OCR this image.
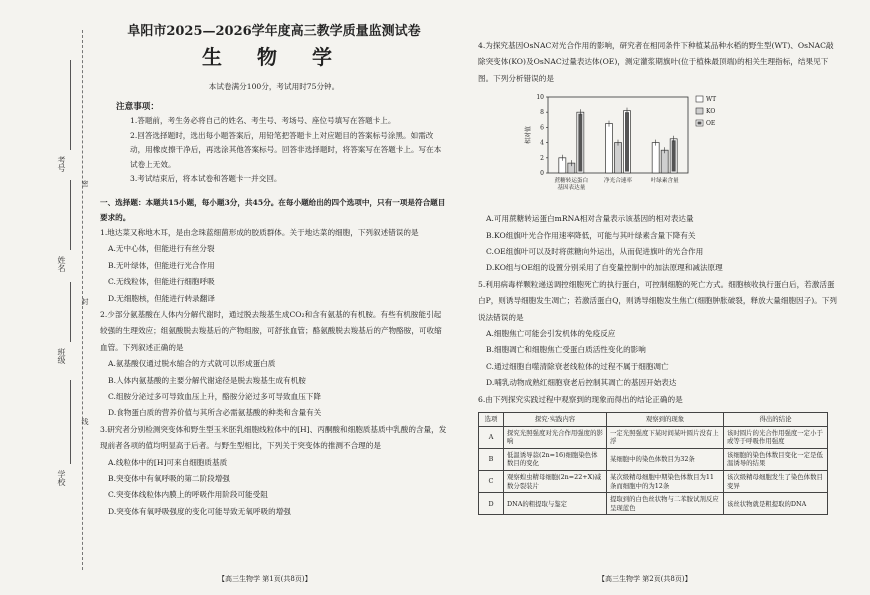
考号
姓名
班级
学校
密
封
线
阜阳市2025—2026学年度高三教学质量监测试卷
生 物 学
本试卷满分100分，考试用时75分钟。
注意事项：
1.答题前，考生务必将自己的姓名、考生号、考场号、座位号填写在答题卡上。
2.回答选择题时，选出每小题答案后，用铅笔把答题卡上对应题目的答案标号涂黑。如需改动，用橡皮擦干净后，再选涂其他答案标号。回答非选择题时，将答案写在答题卡上。写在本试卷上无效。
3.考试结束后，将本试卷和答题卡一并交回。
一、选择题：本题共15小题，每小题3分，共45分。在每小题给出的四个选项中，只有一项是符合题目要求的。
1.地达菜又称地木耳，是由念珠蓝细菌形成的胶质群体。关于地达菜的细胞，下列叙述错误的是
A.无中心体，但能进行有丝分裂
B.无叶绿体，但能进行光合作用
C.无线粒体，但能进行细胞呼吸
D.无细胞核，但能进行转录翻译
2.少部分氨基酸在人体内分解代谢时，通过脱去羧基生成CO₂和含有氨基的有机胺。有些有机胺能引起较强的生理效应；组氨酸脱去羧基后的产物组胺，可舒张血管；酪氨酸脱去羧基后的产物酪胺，可收缩血管。下列叙述正确的是
A.氨基酸仅通过脱水缩合的方式就可以形成蛋白质
B.人体内氨基酸的主要分解代谢途径是脱去羧基生成有机胺
C.组胺分泌过多可导致血压上升，酪胺分泌过多可导致血压下降
D.食物蛋白质的营养价值与其所含必需氨基酸的种类和含量有关
3.研究者分别检测突变体和野生型玉米胚乳细胞线粒体中的[H]、丙酮酸和细胞质基质中乳酸的含量，发现前者各项的值均明显高于后者。与野生型相比，下列关于突变体的推测不合理的是
A.线粒体中的[H]可来自细胞质基质
B.突变体中有氧呼吸的第二阶段增强
C.突变体线粒体内膜上的呼吸作用阶段可能受阻
D.突变体有氧呼吸强度的变化可能导致无氧呼吸的增强
4.为探究基因OsNAC对光合作用的影响，研究者在相同条件下种植某品种水稻的野生型(WT)、OsNAC敲除突变体(KO)及OsNAC过量表达体(OE)，测定灌浆期旗叶(位于植株最顶端)的相关生理指标，结果见下图。下列分析错误的是
0
2
4
6
8
10
相对值
蔗糖转运蛋白
基因表达量
净光合速率	叶绿素含量
WT
KO
OE
A.可用蔗糖转运蛋白mRNA相对含量表示该基因的相对表达量
B.KO组旗叶光合作用速率降低，可能与其叶绿素含量下降有关
C.OE组旗叶可以及时将蔗糖向外运出，从而促进旗叶的光合作用
D.KO组与OE组的设置分别采用了自变量控制中的加法原理和减法原理
5.利用病毒样颗粒递送调控细胞死亡的执行蛋白，可控制细胞的死亡方式。细胞核收执行蛋白后，若激活蛋白P，则诱导细胞发生凋亡；若激活蛋白Q，则诱导细胞发生焦亡(细胞肿胀破裂，释放大量细胞因子)。下列说法错误的是
A.细胞焦亡可能会引发机体的免疫反应
B.细胞凋亡和细胞焦亡受蛋白质活性变化的影响
C.通过细胞自噬清除衰老线粒体的过程不属于细胞凋亡
D.哺乳动物成熟红细胞衰老后控制其凋亡的基因开始表达
6.由下列探究实践过程中观察到的现象而得出的结论正确的是
选项	探究·实践内容	观察到的现象	得出的结论
A	探究光照强度对光合作用强度的影响	一定光照强度下某时间某叶圆片没有上浮	该时圆片的光合作用强度一定小于或等于呼吸作用强度
B	低温诱导蒜(2n=16)细胞染色体数目的变化	某细胞中的染色体数目为32条	该细胞的染色体数目变化一定是低温诱导的结果
C	观察蝗虫精母细胞(2n=22+X)减数分裂装片	某次级精母细胞中期染色体数目为11条而细胞中的为12条	该次级精母细胞发生了染色体数目变异
D	DNA的粗提取与鉴定	提取到的白色丝状物与二苯胺试剂反应呈现蓝色	该丝状物就是粗提取的DNA
【高三生物学 第1页(共8页)】	【高三生物学 第2页(共8页)】
